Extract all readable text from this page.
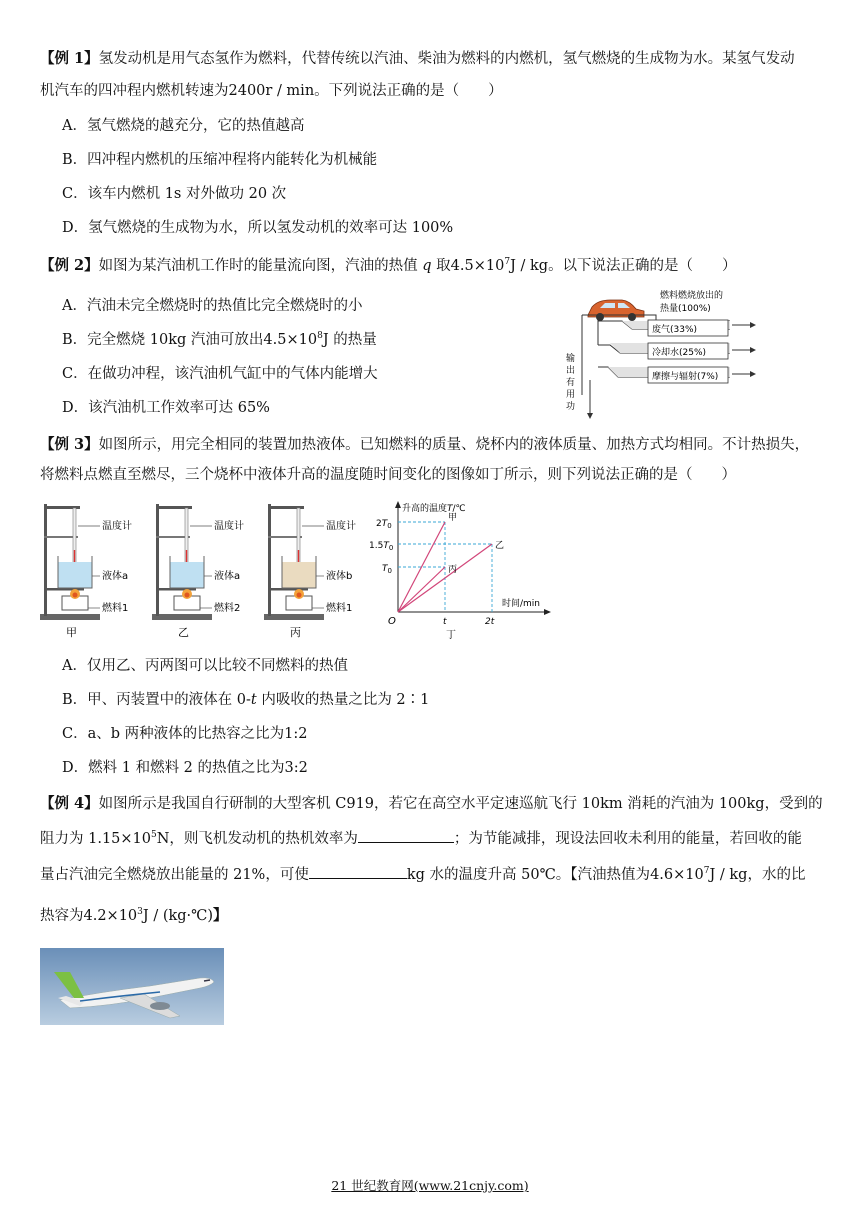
【例 1】氢发动机是用气态氢作为燃料，代替传统以汽油、柴油为燃料的内燃机，氢气燃烧的生成物为水。某氢气发动
机汽车的四冲程内燃机转速为2400r / min。下列说法正确的是（　　）
A．氢气燃烧的越充分，它的热值越高
B．四冲程内燃机的压缩冲程将内能转化为机械能
C．该车内燃机 1s 对外做功 20 次
D．氢气燃烧的生成物为水，所以氢发动机的效率可达 100%
【例 2】如图为某汽油机工作时的能量流向图，汽油的热值 q 取$4.5\times 10^7J$ / kg。以下说法正确的是（　　）
A．汽油未完全燃烧时的热值比完全燃烧时的小
B．完全燃烧 10kg 汽油可放出$4.5\times 10^8J$ 的热量
C．在做功冲程，该汽油机气缸中的气体内能增大
D．该汽油机工作效率可达 65%
燃料燃烧放出的
热量(100%)
废气(33%)
冷却水(25%)
摩擦与辐射(7%)
输
出
有
用
功
【例 3】如图所示，用完全相同的装置加热液体。已知燃料的质量、烧杯内的液体质量、加热方式均相同。不计热损失，
将燃料点燃直至燃尽，三个烧杯中液体升高的温度随时间变化的图像如丁所示，则下列说法正确的是（　　）
温度计
液体a
燃料1
甲
温度计
液体a
燃料2
乙
温度计
液体b
燃料1
丙
升高的温度T/℃
时间/min
O
$2T_0$
$1.5T_0$
$T_0$
t	2t
甲
乙
丙
丁
A．仅用乙、丙两图可以比较不同燃料的热值
B．甲、丙装置中的液体在 0-t 内吸收的热量之比为 2∶1
C．a、b 两种液体的比热容之比为1:2
D．燃料 1 和燃料 2 的热值之比为3:2
【例 4】如图所示是我国自行研制的大型客机 C919，若它在高空水平定速巡航飞行 10km 消耗的汽油为 100kg，受到的
阻力为 $1.15\times 10^5N$，则飞机发动机的热机效率为	；为节能减排，现设法回收未利用的能量，若回收的能
量占汽油完全燃烧放出能量的 21%，可使	kg 水的温度升高 50℃。【汽油热值为$4.6\times 10^7J$ / kg，水的比
热容为$4.2\times 10^3J$ / (kg·℃)】
21 世纪教育网(www.21cnjy.com)
